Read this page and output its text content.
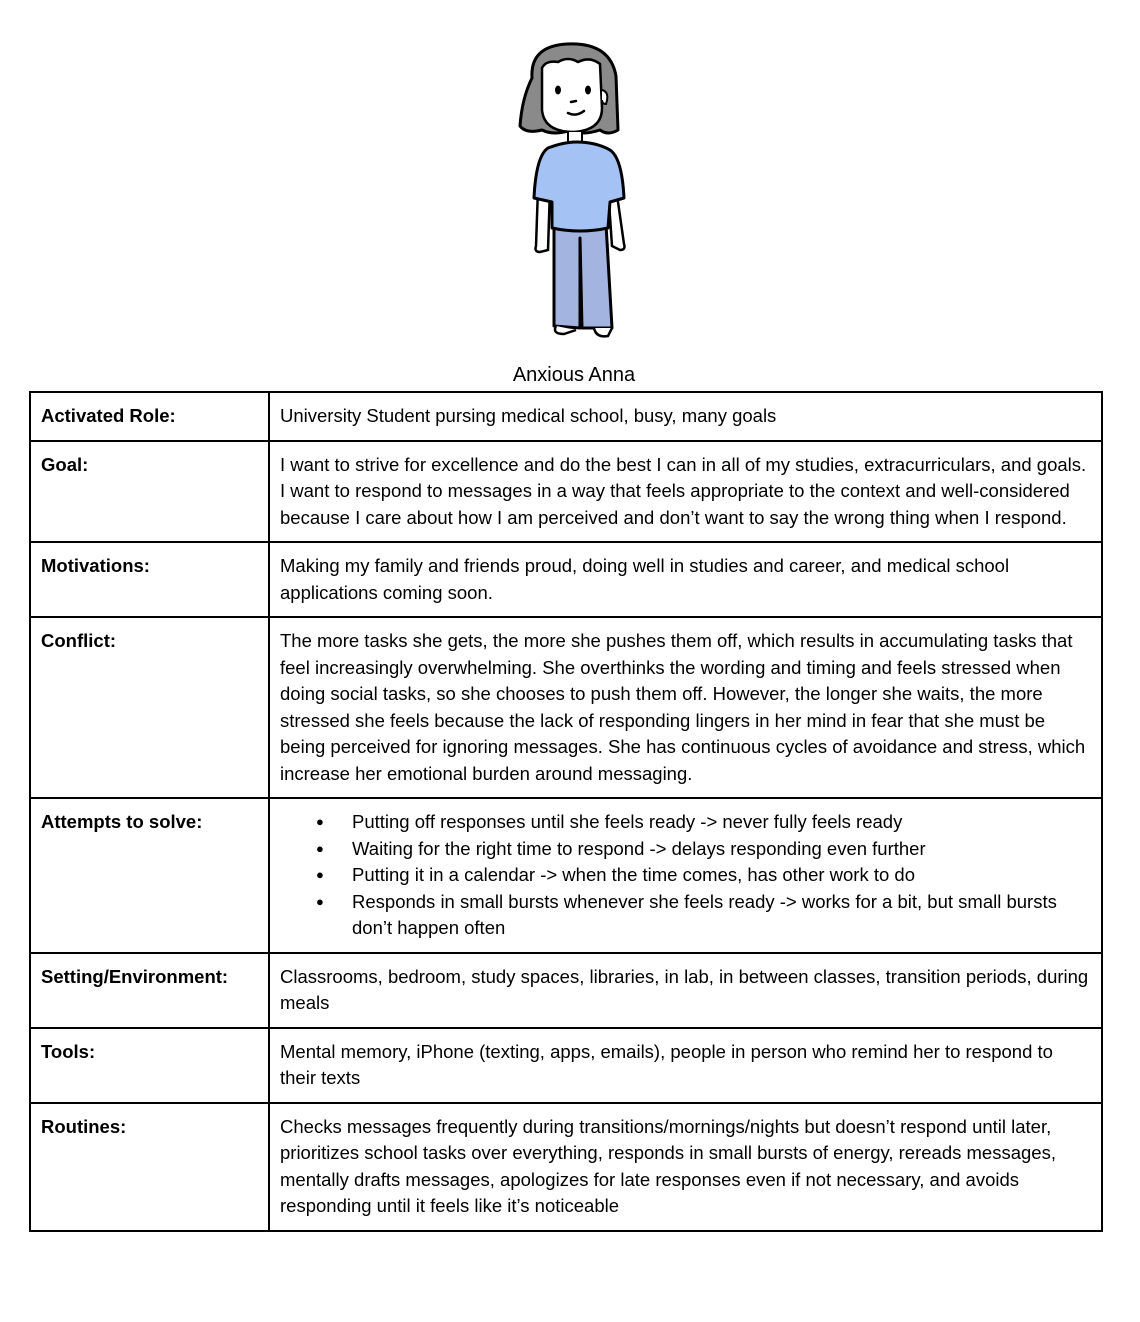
Anxious Anna
Activated Role:	University Student pursing medical school, busy, many goals
Goal:	I want to strive for excellence and do the best I can in all of my studies, extracurriculars, and goals. I want to respond to messages in a way that feels appropriate to the context and well-considered because I care about how I am perceived and don’t want to say the wrong thing when I respond.
Motivations:	Making my family and friends proud, doing well in studies and career, and medical school applications coming soon.
Conflict:	The more tasks she gets, the more she pushes them off, which results in accumulating tasks that feel increasingly overwhelming. She overthinks the wording and timing and feels stressed when doing social tasks, so she chooses to push them off. However, the longer she waits, the more stressed she feels because the lack of responding lingers in her mind in fear that she must be being perceived for ignoring messages. She has continuous cycles of avoidance and stress, which increase her emotional burden around messaging.
Attempts to solve:	
●Putting off responses until she feels ready -> never fully feels ready
● Waiting for the right time to respond -> delays responding even further
● Putting it in a calendar -> when the time comes, has other work to do
● Responds in small bursts whenever she feels ready -> works for a bit, but small bursts don’t happen often

Setting/Environment:	Classrooms, bedroom, study spaces, libraries, in lab, in between classes, transition periods, during meals
Tools:	Mental memory, iPhone (texting, apps, emails), people in person who remind her to respond to their texts
Routines:	Checks messages frequently during transitions/mornings/nights but doesn’t respond until later, prioritizes school tasks over everything, responds in small bursts of energy, rereads messages, mentally drafts messages, apologizes for late responses even if not necessary, and avoids responding until it feels like it’s noticeable
